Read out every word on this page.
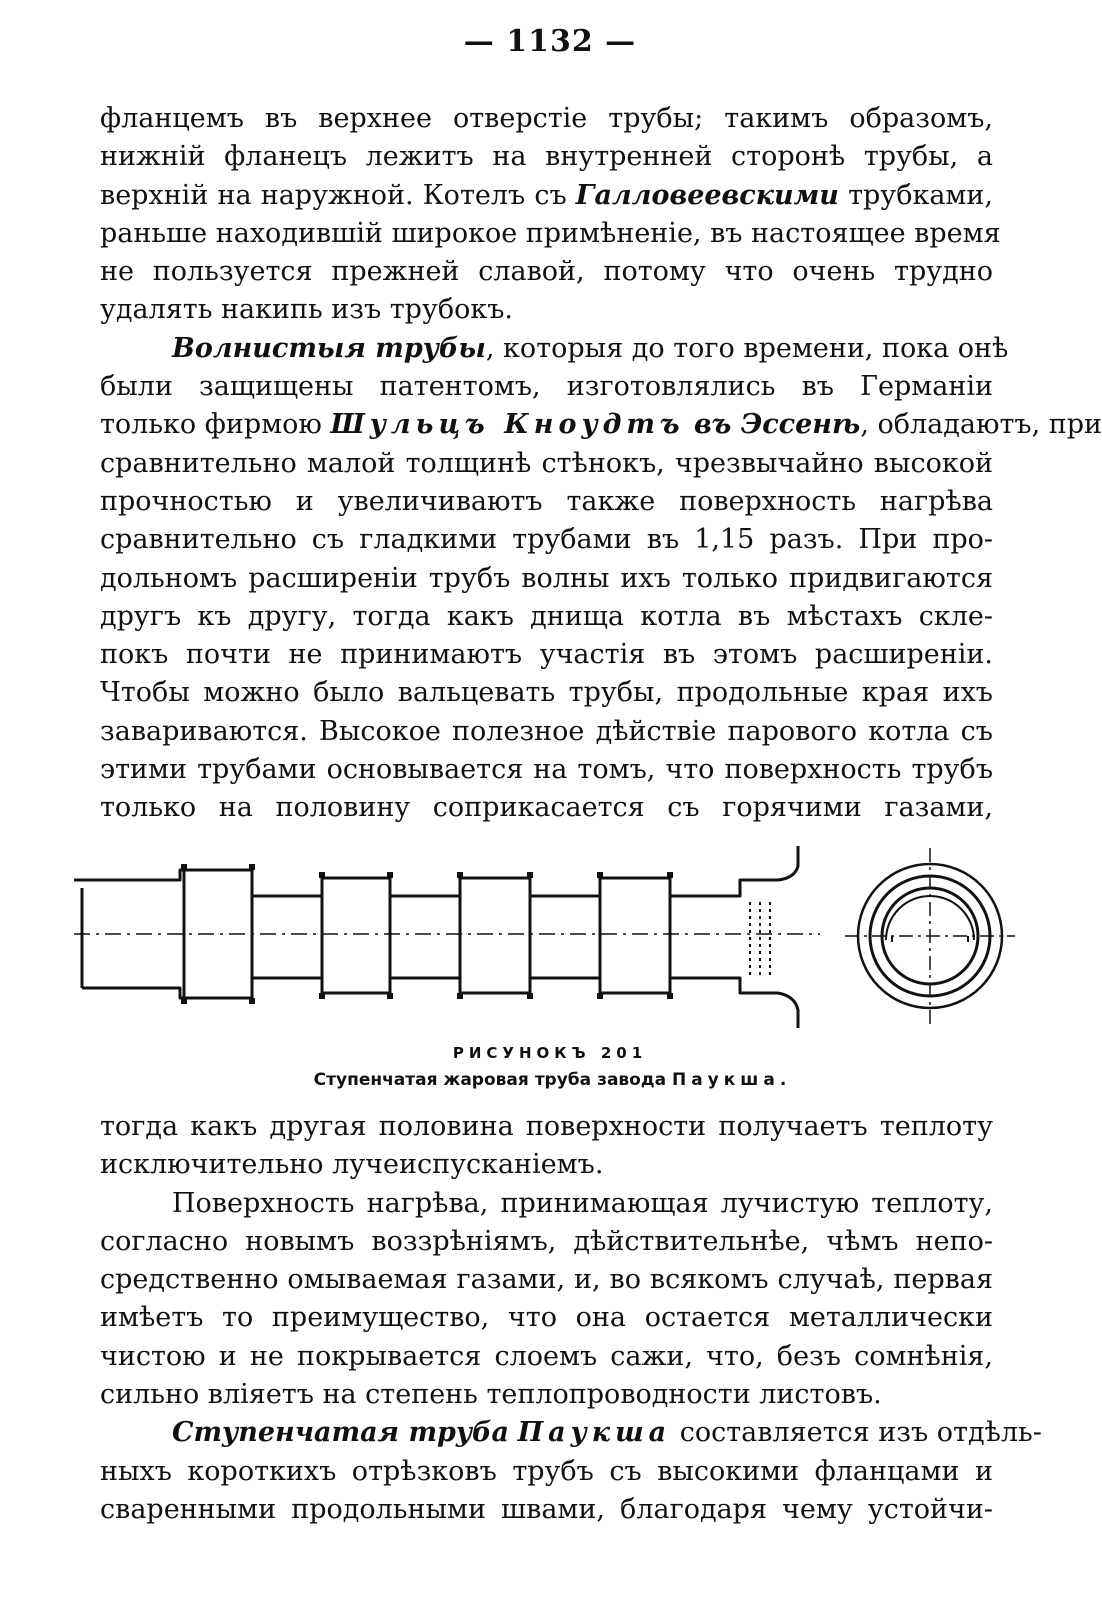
— 1132 —
фланцемъ въ верхнее отверстіе трубы; такимъ образомъ,
нижній фланецъ лежитъ на внутренней сторонѣ трубы, а
верхній на наружной. Котелъ съ Галловеевскими трубками,
раньше находившій широкое примѣненіе, въ настоящее время
не пользуется прежней славой, потому что очень трудно
удалять накипь изъ трубокъ.
Волнистыя трубы, которыя до того времени, пока онѣ
были защищены патентомъ, изготовлялись въ Германіи
только фирмою Шульцъ Кноудтъ въ Эссенѣ, обладаютъ, при
сравнительно малой толщинѣ стѣнокъ, чрезвычайно высокой
прочностью и увеличиваютъ также поверхность нагрѣва
сравнительно съ гладкими трубами въ 1,15 разъ. При про-
дольномъ расширеніи трубъ волны ихъ только придвигаются
другъ къ другу, тогда какъ днища котла въ мѣстахъ скле-
покъ почти не принимаютъ участія въ этомъ расширеніи.
Чтобы можно было вальцевать трубы, продольные края ихъ
завариваются. Высокое полезное дѣйствіе паровогo котла съ
этими трубами основывается на томъ, что поверхность трубъ
только на половину соприкасается съ горячими газами,
РИСУНОКЪ 201
Ступенчатая жаровая труба завода Паукша.
тогда какъ другая половина поверхности получаетъ теплоту
исключительно лучеиспусканіемъ.
Поверхность нагрѣва, принимающая лучистую теплоту,
согласно новымъ воззрѣніямъ, дѣйствительнѣе, чѣмъ непо-
средственно омываемая газами, и, во всякомъ случаѣ, первая
имѣетъ то преимущество, что она остается металлически
чистою и не покрывается слоемъ сажи, что, безъ сомнѣнія,
сильно вліяетъ на степень теплопроводности листовъ.
Ступенчатая труба Паукша составляется изъ отдѣль-
ныхъ короткихъ отрѣзковъ трубъ съ высокими фланцами и
сваренными продольными швами, благодаря чему устойчи-
